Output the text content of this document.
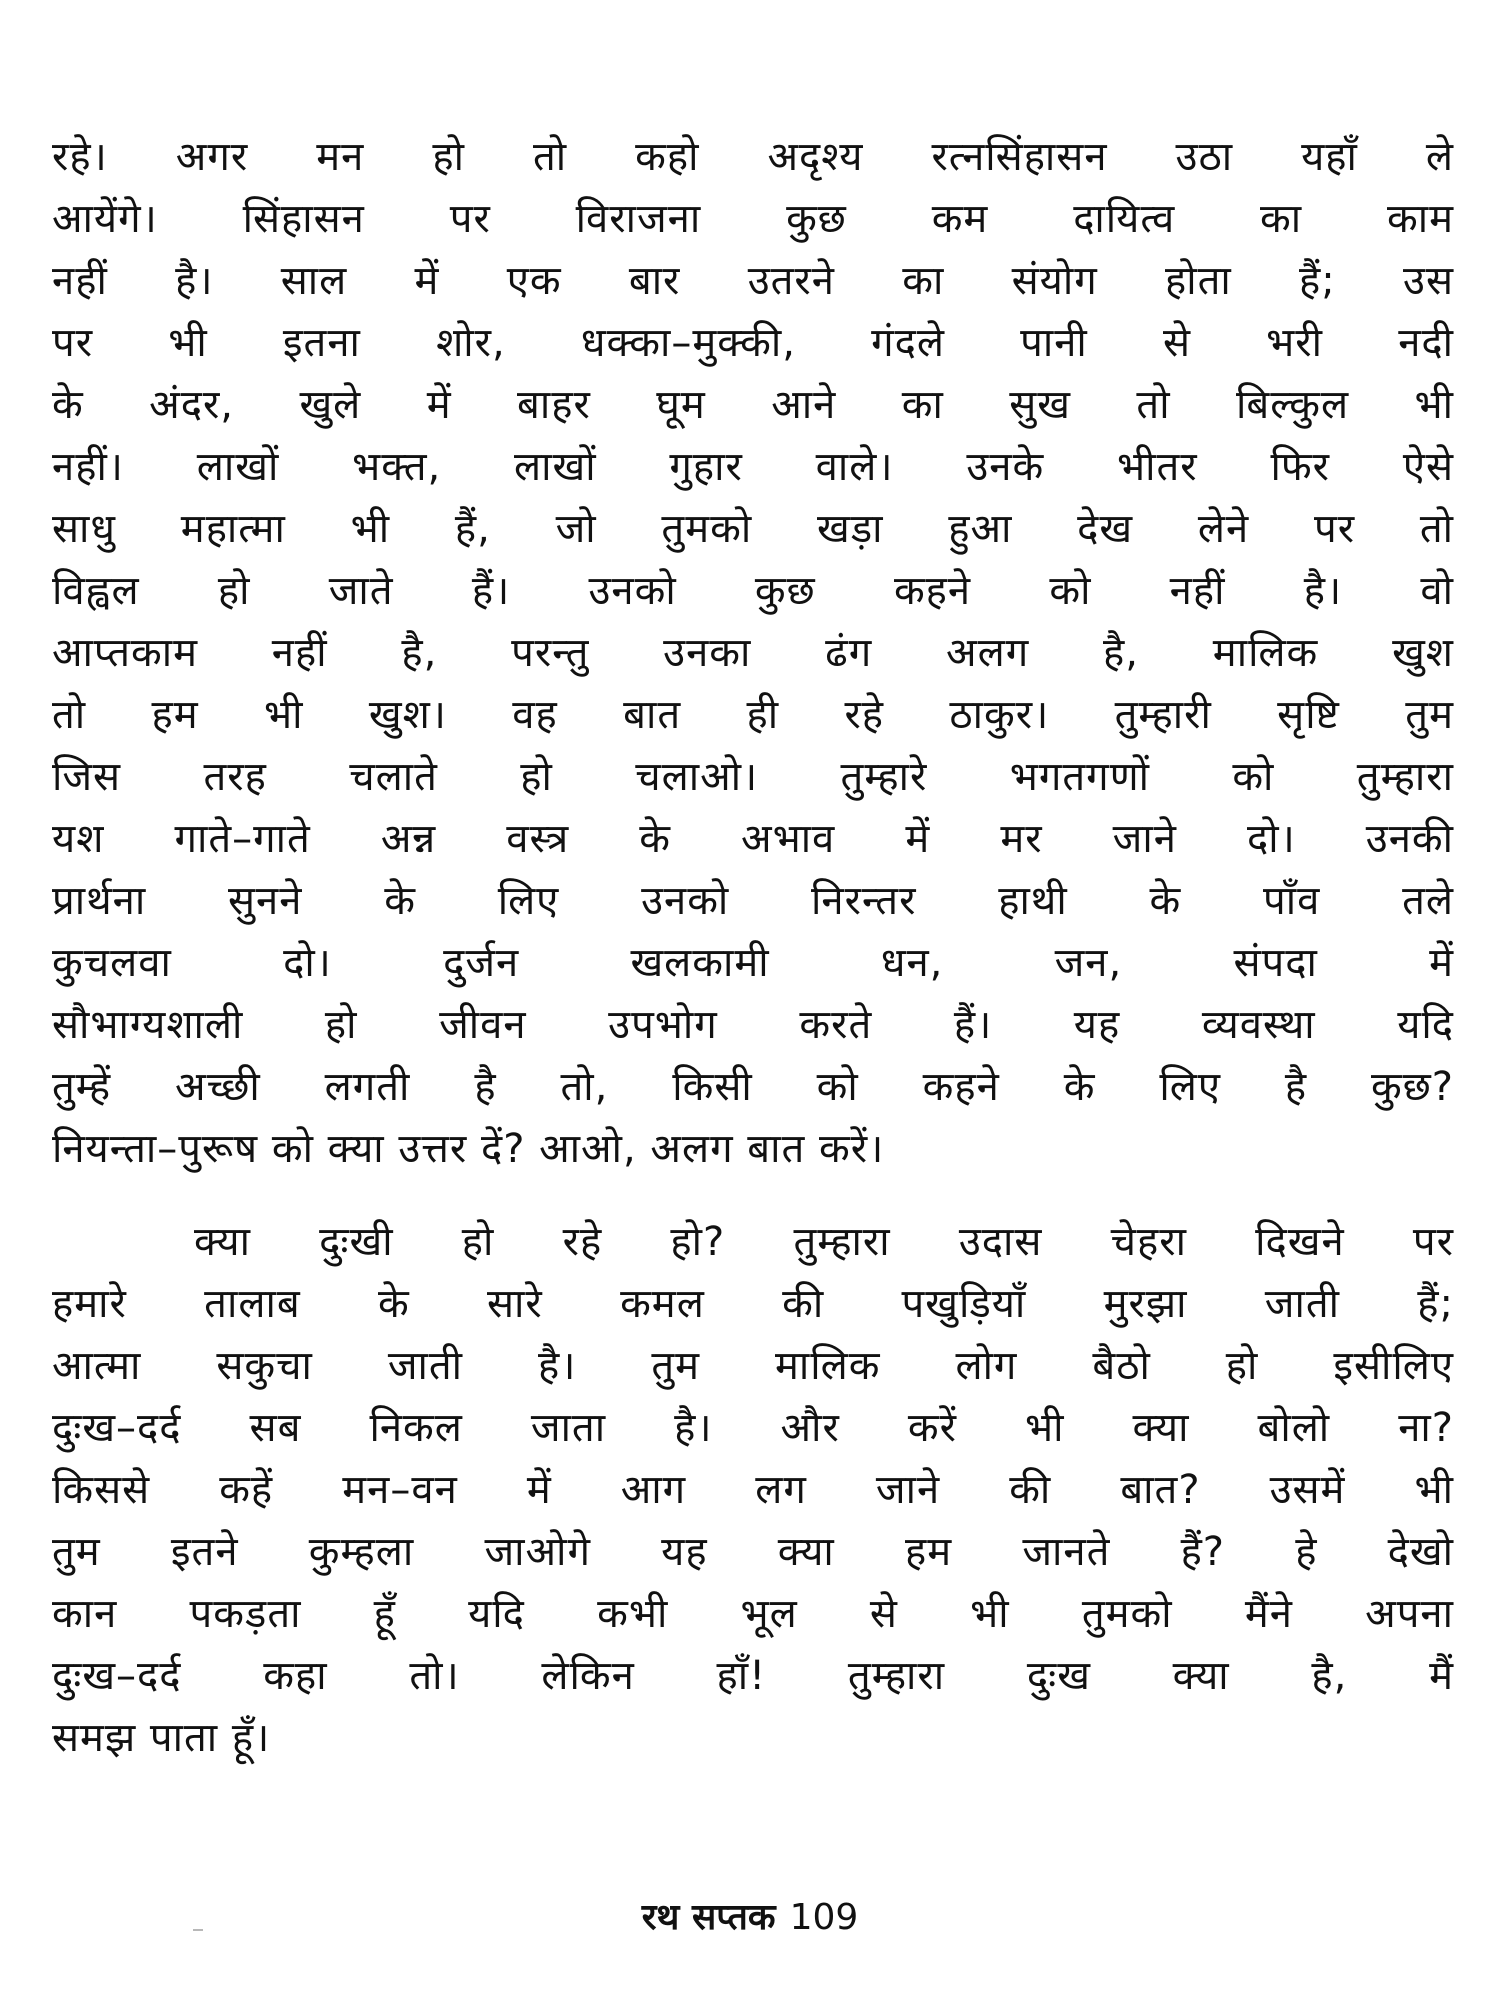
रहे। अगर मन हो तो कहो अदृश्य रत्नसिंहासन उठा यहाँ ले
आयेंगे। सिंहासन पर विराजना कुछ कम दायित्व का काम
नहीं है। साल में एक बार उतरने का संयोग होता हैं; उस
पर भी इतना शोर, धक्का–मुक्की, गंदले पानी से भरी नदी
के अंदर, खुले में बाहर घूम आने का सुख तो बिल्कुल भी
नहीं। लाखों भक्त, लाखों गुहार वाले। उनके भीतर फिर ऐसे
साधु महात्मा भी हैं, जो तुमको खड़ा हुआ देख लेने पर तो
विह्वल हो जाते हैं। उनको कुछ कहने को नहीं है। वो
आप्तकाम नहीं है, परन्तु उनका ढंग अलग है, मालिक खुश
तो हम भी खुश। वह बात ही रहे ठाकुर। तुम्हारी सृष्टि तुम
जिस तरह चलाते हो चलाओ। तुम्हारे भगतगणों को तुम्हारा
यश गाते–गाते अन्न वस्त्र के अभाव में मर जाने दो। उनकी
प्रार्थना सुनने के लिए उनको निरन्तर हाथी के पाँव तले
कुचलवा दो। दुर्जन खलकामी धन, जन, संपदा में
सौभाग्यशाली हो जीवन उपभोग करते हैं। यह व्यवस्था यदि
तुम्हें अच्छी लगती है तो, किसी को कहने के लिए है कुछ?
नियन्ता–पुरूष को क्या उत्तर दें? आओ, अलग बात करें।
क्या दुःखी हो रहे हो? तुम्हारा उदास चेहरा दिखने पर
हमारे तालाब के सारे कमल की पखुड़ियाँ मुरझा जाती हैं;
आत्मा सकुचा जाती है। तुम मालिक लोग बैठो हो इसीलिए
दुःख–दर्द सब निकल जाता है। और करें भी क्या बोलो ना?
किससे कहें मन–वन में आग लग जाने की बात? उसमें भी
तुम इतने कुम्हला जाओगे यह क्या हम जानते हैं? हे देखो
कान पकड़ता हूँ यदि कभी भूल से भी तुमको मैंने अपना
दुःख–दर्द कहा तो। लेकिन हाँ! तुम्हारा दुःख क्या है, मैं
समझ पाता हूँ।
रथ सप्तक 109
